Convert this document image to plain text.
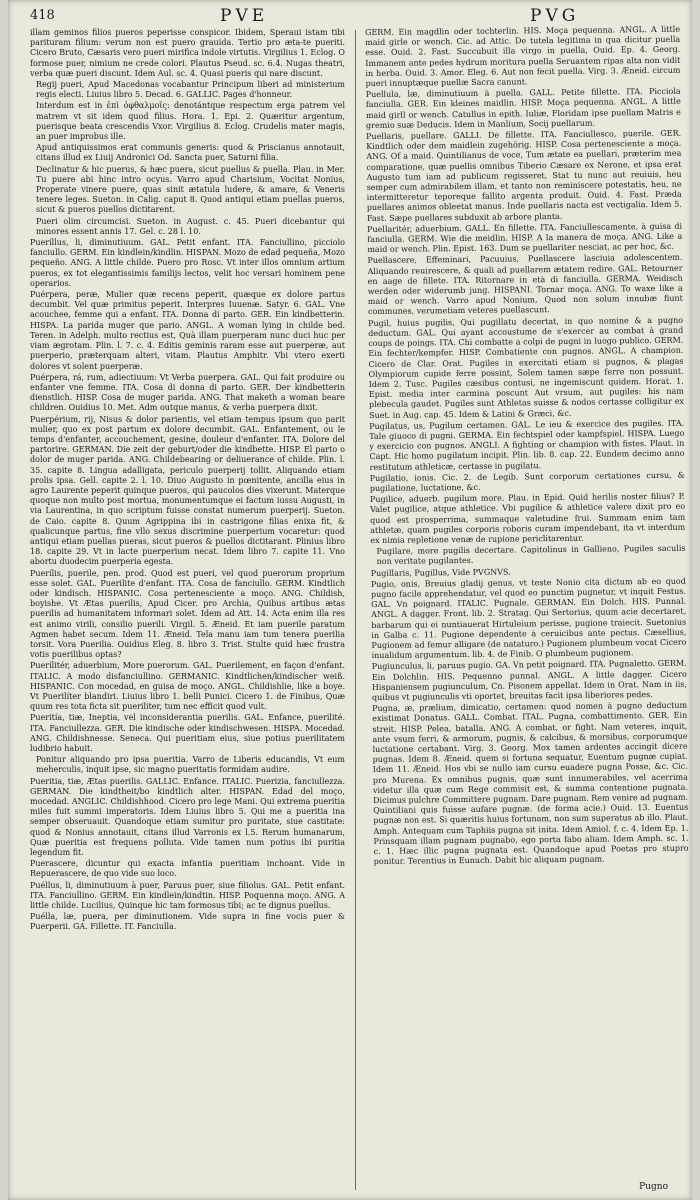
418	PVE	PVG

illam geminos filios pueros peperisse conspicor. Ibidem, Speraui istam tibi parituram filium: verum non est puero grauida. Tertio pro æta-te pueriti. Cicero Bruto, Cæsaris vero pueri mirifica indole virtutis. Virgilius 1. Eclog. O formose puer, nimium ne crede colori. Plautus Pseud. sc. 6.4. Nugas theatri, verba quæ pueri discunt. Idem Aul. sc. 4. Quasi pueris qui nare discunt.

Regij pueri, Apud Macedonas vocabantur Principum liberi ad ministerium regis electi. Liuius libro 5. Decad. 6. GALLIC. Pages d'honneur.

Interdum est in ἐπὶ ὀφθαλμοῖς: denotántque respectum erga patrem vel matrem vt sit idem quod filius. Hora. 1. Epi. 2. Quæritur argentum, puerisque beata crescendis Vxor. Virgilius 8. Eclog. Crudelis mater magis, an puer improbus ille.

Apud antiquissimos erat communis generis: quod & Priscianus annotauit, citans illud ex Liuij Andronici Od. Sancta puer, Saturni filia.

Declinatur & hic puerus, & hæc puera, sicut puellus & puella. Plau. in Mer. Tu puere abi hinc intro ocyus. Varro apud Charisium, Vocitat Nonius, Properate vinere puere, quas sinit ætatula ludere, & amare, & Veneris tenere leges. Sueton. in Calig. caput 8. Quod antiqui etiam puellas pueros, sicut & pueros puellos dictitarent.

Pueri olim circumcisi. Sueton. in August. c. 45. Pueri dicebantur qui minores essent annis 17. Gel. c. 28 l. 10.

Pueríllus, li, diminutiuum. GAL. Petit enfant. ITA. Fanciullino, picciolo fanciullo. GERM. Ein kindlein/kindlin. HISPAN. Mozo de edad pequeña, Mozo pequeño. ANG. A little childe. Puero pro Rosc. Vt inter illos omnium artium pueros, ex tot elegantissimis familijs lectos, velit hoc versari hominem pene operarios.

Puérpera, peræ, Mulier quæ recens peperit, quæque ex dolore partus decumbit. Vel quæ primitus peperit. Interpres Iuuenæ. Satyr. 6. GAL. Vne acouchee, femme qui a enfant. ITA. Donna di parto. GER. Ein kindbetterin. HISPA. La parida muger que pario. ANGL. A woman lying in childe bed. Teren. in Adelph. multo rectius est, Quà illam puerperam nunc duci huc per viam ægrotam. Plin. l. 7. c. 4. Editis geminis raram esse aut puerperæ, aut puerperio, præterquam alteri, vitam. Plautus Amphitr. Vbi vtero exerti dolores vt solent puerperæ.

Puérpera, rá, rum, adiectiuum: Vt Verba puerpera. GAL. Qui fait produire ou enfanter vne femme. ITA. Cosa di donna di parto. GER. Der kindbetterin dienstlich. HISP. Cosa de muger parida. ANG. That maketh a woman beare children. Ouidius 10. Met. Adm outque manus, & verba puerpera dixit.

Puerpérium, rij, Nisus & dolor parientis, vel etiam tempus ipsum quo parit mulier, quo ex post partum ex dolore decumbit. GAL. Enfantement, ou le temps d'enfanter, accouchement, gesine, douleur d'enfanter. ITA. Dolore del partorire. GERMAN. Die zeit der geburt/oder die kindbette. HISP. El parto o dolor de muger parida. ANG. Childebearing or deliuerance of childe. Plin. l. 35. capite 8. Lingua adalligata, periculo puerperij tollit. Aliquando etiam prolis ipsa. Gell. capite 2. l. 10. Diuo Augusto in pœnitente, ancilla eius in agro Laurente peperit quinque pueros, qui paucolos dies vixerunt. Materque quoque non multo post mortua, monumentumque ei factum iussu Augusti, in via Laurentina, in quo scriptum fuisse constat numerum puerperij. Sueton. de Caio. capite 8. Quum Agrippina ibi in castrigone filias enixa fit, & qualicunque partus, fine vllo sexus discrimine puerperium vocaretur: quod antiqui etiam puellas pueras, sicut pueros & puellos dictitarant. Plinius libro 18. capite 29. Vt in lacte puerperium necat. Idem libro 7. capite 11. Vno abortu duodecim puerperia egesta.

Puerílis, puerile, pen. prod. Quod est pueri, vel quod puerorum proprium esse solet. GAL. Puerilite d'enfant. ITA. Cosa de fanciullo. GERM. Kindtlich oder kindisch. HISPANIC. Cosa pertenesciente a moço. ANG. Childish, boyishe. Vt Ætas puerilis, Apud Cicer. pro Archia, Quibus artibus ætas puerilis ad humanitatem informari solet. Idem ad Att. 14. Acta enim illa res est animo virili, consilio puerili. Virgil. 5. Æneid. Et iam puerile paratum Agmen habet secum. Idem 11. Æneid. Tela manu iam tum tenera puerilia torsit. Vora Puerilia. Ouidius Eleg. 8. libro 3. Trist. Stulte quid hæc frustra votis puerilibus optas?

Puerílitér, aduerbium, More puerorum. GAL. Puerilement, en façon d'enfant. ITALIC. A modo disfanciullino. GERMANIC. Kindtlichen/kindischer weiß. HISPANIC. Con mocedad, en guisa de moço. ANGL. Childishlie, like a boye. Vt Puerilíter blandiri. Liuius libro 1. belli Punici. Cicero 1. de Finibus, Quæ quum res tota ficta sit pueriliter, tum nec efficit quod vult.

Pueritía, tiæ, Ineptia, vel inconsiderantia puerilis. GAL. Enfance, puerilité. ITA. Fanciullezza. GER. Die kindische oder kindischwesen. HISPA. Mocedad. ANG. Childishnesse. Seneca. Qui pueritiam eius, siue potius puerilitatem ludibrio habuit.

Ponitur aliquando pro ipsa pueritia. Varro de Liberis educandis, Vt eum meherculis, inquit ipse, sic magno pueritatis formidam audire.

Pueritia, tiæ, Ætas puerilis. GALLIC. Enfance. ITALIC. Puerizia, fanciullezza. GERMAN. Die kindtheit/bo kindtlich alter. HISPAN. Edad del moço, mocedad. ANGLIC. Childishhood. Cicero pro lege Mani. Qui extrema pueritia miles fuit summi imperatoris. Idem Liuius libro 5. Qui me a pueritia ina semper obseruauit. Quandoque etiam sumitur pro puritate, siue castitate: quod & Nonius annotauit, citans illud Varronis ex l.5. Rerum humanarum, Quæ pueritia est frequens polluta. Vide tamen num potius ibi puritia legendum fit.

Puerascere, dicuntur qui exacta infantia pueritiam inchoant. Vide in Repuerascere, de quo vide suo loco.

Puéllus, li, diminutiuum à puer, Paruus puer, siue filiolus. GAL. Petit enfant. ITA. Fanciullino. GERM. Ein kindlein/kindtin. HISP. Poquenna moço. ANG. A little childe. Lucilius, Quinque hic tam formosus tibi; ac te dignus puellus.

Puélla, læ, puera, per diminutionem. Vide supra in fine vocis puer & Puerperii. GA. Fillette. IT. Fanciulla.

GERM. Ein magdlin oder tochterlin. HIS. Moça pequenna. ANGL. A little maid girle or wench. Cic. ad Attic. De tutela legitima in qua dicitur puella esse. Ouid. 2. Fast. Succubuit illa virgo in puella, Ouid. Ep. 4. Georg. Immanem ante pedes hydrum moritura puella Seruantem ripas alta non vidit in herba. Ouid. 3. Amor. Eleg. 6. Aut non fecit puella. Virg. 3. Æneid. circum pueri innuptæque puellæ Sacra canunt.

Puellula, læ, diminutiuum à puella. GALL. Petite fillette. ITA. Picciola fanciulla. GER. Ein kleines maidlin. HISP. Moça pequenna. ANGL. A little maid girll or wench. Catullus in epith. Iuliæ, Floridam ipse puellam Matris e gremio suæ Deducis. Idem in Manlium, Socij puellarum.

Puellaris, puellare. GALLI. De fillette. ITA. Fanciullesco, puerile. GER. Kindtlich oder dem maidlein zugehörig. HISP. Cosa pertenesciente a moça. ANG. Of a maid. Quintilianus de voce, Tum ætate ea puellari, præterim mea comparatione, quæ puellis omnibus Tiberio Cæsare ex Nerone, et ipsa erat Augusto tum iam ad publicum regisseret, Stat tu nunc aut reuiuis, heu semper cum admirabilem illam, et tanto non reminiscere potestatis, heu, ne intermitteretur teporeque fallito argenta produit. Ouid. 4. Fast. Præda puellares animos obleetat manus. Inde puellaris nacta est vectigalia. Idem 5. Fast. Sæpe puellares subduxit ab arbore planta.

Puellaritér, aduerbium. GALL. En fillette. ITA. Fanciullescamente, à guisa di fanciulla. GERM. Wie die meidlin. HISP. A la manera de moça. ANG. Like a maid or wench. Plin. Epist. 163. Dum se puellariter nesciat, ac per hoc, &c.

Puellascere, Effeminari, Pacuuius, Puellascere lasciuia adolescentem. Aliquando reuirescere, & quali ad puellarem ætatem redire. GAL. Retourner en aage de fillete. ITA. Ritornare in età di fanciulla. GERMA. Weidisch werden oder widerumb jung. HISPANI. Tornar moça. ANG. To waxe like a maid or wench. Varro apud Nonium, Quod non solum innubæ fiunt communes, verumetiam veteres puellascunt.

Pugil, huius pugilis, Qui pugillatu decertat, in quo nomine & a pugno deductum. GAL. Qui ayant accoustume de s'exercer au combat à grand coups de poings. ITA. Chi combatte a colpi de pugni in luogo publico. GERM. Ein fechter/kempfer. HISP. Combatiente con pugnos. ANGL. A champion. Cicero de Clar. Orat. Pugiles in exercitati etiam si pugnos, & plagas Olympiorum cupide ferre possint, Solem tamen sæpe ferre non possunt. Idem 2. Tusc. Pugiles cæsibus contusi, ne ingemiscunt quidem. Horat. 1. Epist. media inter carmina poscunt Aut vrsum, aut pugiles: his nam plebecula gaudet. Pugiles sunt Athletas suisse & nodos certasse colligitur ex Suet. in Aug. cap. 45. Idem & Latini & Græci, &c.

Pugilatus, us, Pugilum certamen. GAL. Le ieu & exercice des pugiles. ITA. Tale giuoco di pugni. GERMA. Ein fechtspiel oder kampfspiel. HISPA. Luego y exercicio con pugnos. ANGLI. A fighting or champion with fistes. Plaut. in Capt. Hic homo pugilatum incipit. Plin. lib. 8. cap. 22. Eundem decimo anno restitutum athleticæ, certasse in pugilatu.

Pugilatio, ionis. Cic. 2. de Legib. Sunt corporum certationes cursu, & pugilatione, luctatione, &c.

Pugilice, aduerb. pugilum more. Plau. in Epid. Quid herilis noster filius? P. Valet pugilice, atque athletice. Vbi pugilice & athletice valere dixit pro eo quod est prosperrima, summaque valetudine frui. Summam enim tam athletæ, quam pugiles corporis roboris curam impendebant, ita vt interdum ex nimia repletione venæ de rupione periclitarentur.

Pugilare, more pugilis decertare. Capitolinus in Gallieno, Pugiles saculis non veritate pugilantes.

Pugillaris, Pugillus, Vide PVGNVS.

Pugio, onis, Breuius gladij genus, vt teste Nonio cita dictum ab eo quod pugno facile apprehendatur, vel quod eo punctim pugnetur, vt inquit Festus. GAL. Vn poignard. ITALIC. Pugnale. GERMAN. Ein Dolch. HIS. Punnal. ANGL. A dagger. Front. lib. 2. Stratag. Qui Sertorius, quum acie decertaret, barbarum qui ei nuntiauerat Hirtuleium perisse, pugione traiecit. Suetonius in Galba c. 11. Pugione dependente à ceruicibus ante pectus. Cæsellius, Pugionem ad femur alligare (de nataturo.) Pugionem plumbeum vocat Cicero inualidum argumentum. lib. 4. de Finib. O plumbeum pugionem.

Pugiunculus, li, paruus pugio. GA. Vn petit poignard. ITA. Pugnaletto. GERM. Ein Dolchlin. HIS. Pequenno punnal. ANGL. A little dagger. Cicero Hispaniensem pugiunculum, Cn. Pisonem appellat. Idem in Orat. Nam in iis, quibus vt pugiunculis vti oportet, breuitas facit ipsa liberiores pedes.

Pugna, æ, prælium, dimicatio, certamen: quod nomen à pugno deductum existimat Donatus. GALL. Combat. ITAL. Pugna, combattimento. GER. Ein streit. HISP. Pelea, batalla. ANG. A combat, or fight. Nam veteres, inquit, ante vsum ferri, & armorum, pugnis, & calcibus, & morsibus, corporumque luctatione certabant. Virg. 3. Georg. Mox tamen ardentes accingit dicere pugnas. Idem 8. Æneid. quem si fortuna sequatur, Euentum pugnæ cupiat. Idem 11. Æneid. Hos vbi se nullo iam cursu euadere pugna Posse, &c. Cic. pro Murena. Ex omnibus pugnis, quæ sunt innumerabiles, vel acerrima videtur illa quæ cum Rege commisit est, & summa contentione pugnata. Dicimus pulchre Committere pugnam. Dare pugnam. Rem venire ad pugnam. Quintiliani quis fuisse aufare pugnæ. (de forma acie.) Ouid. 13. Euentus pugnæ non est. Si quæritis huius fortunam, non sum superatus ab illo. Plaut. Amph. Antequam cum Taphiis pugna sit inita. Idem Amiol. f. c. 4. Idem Ep. 1. Prinsquam illam pugnam pugnabo, ego porta fabo aliam. Idem Amph. sc. 1. c. 1. Hæc illic pugna pugnata est. Quandoque apud Poetas pro stupro ponitur. Terentius in Eunuch. Dabit hic aliquam pugnam.

Pugno
